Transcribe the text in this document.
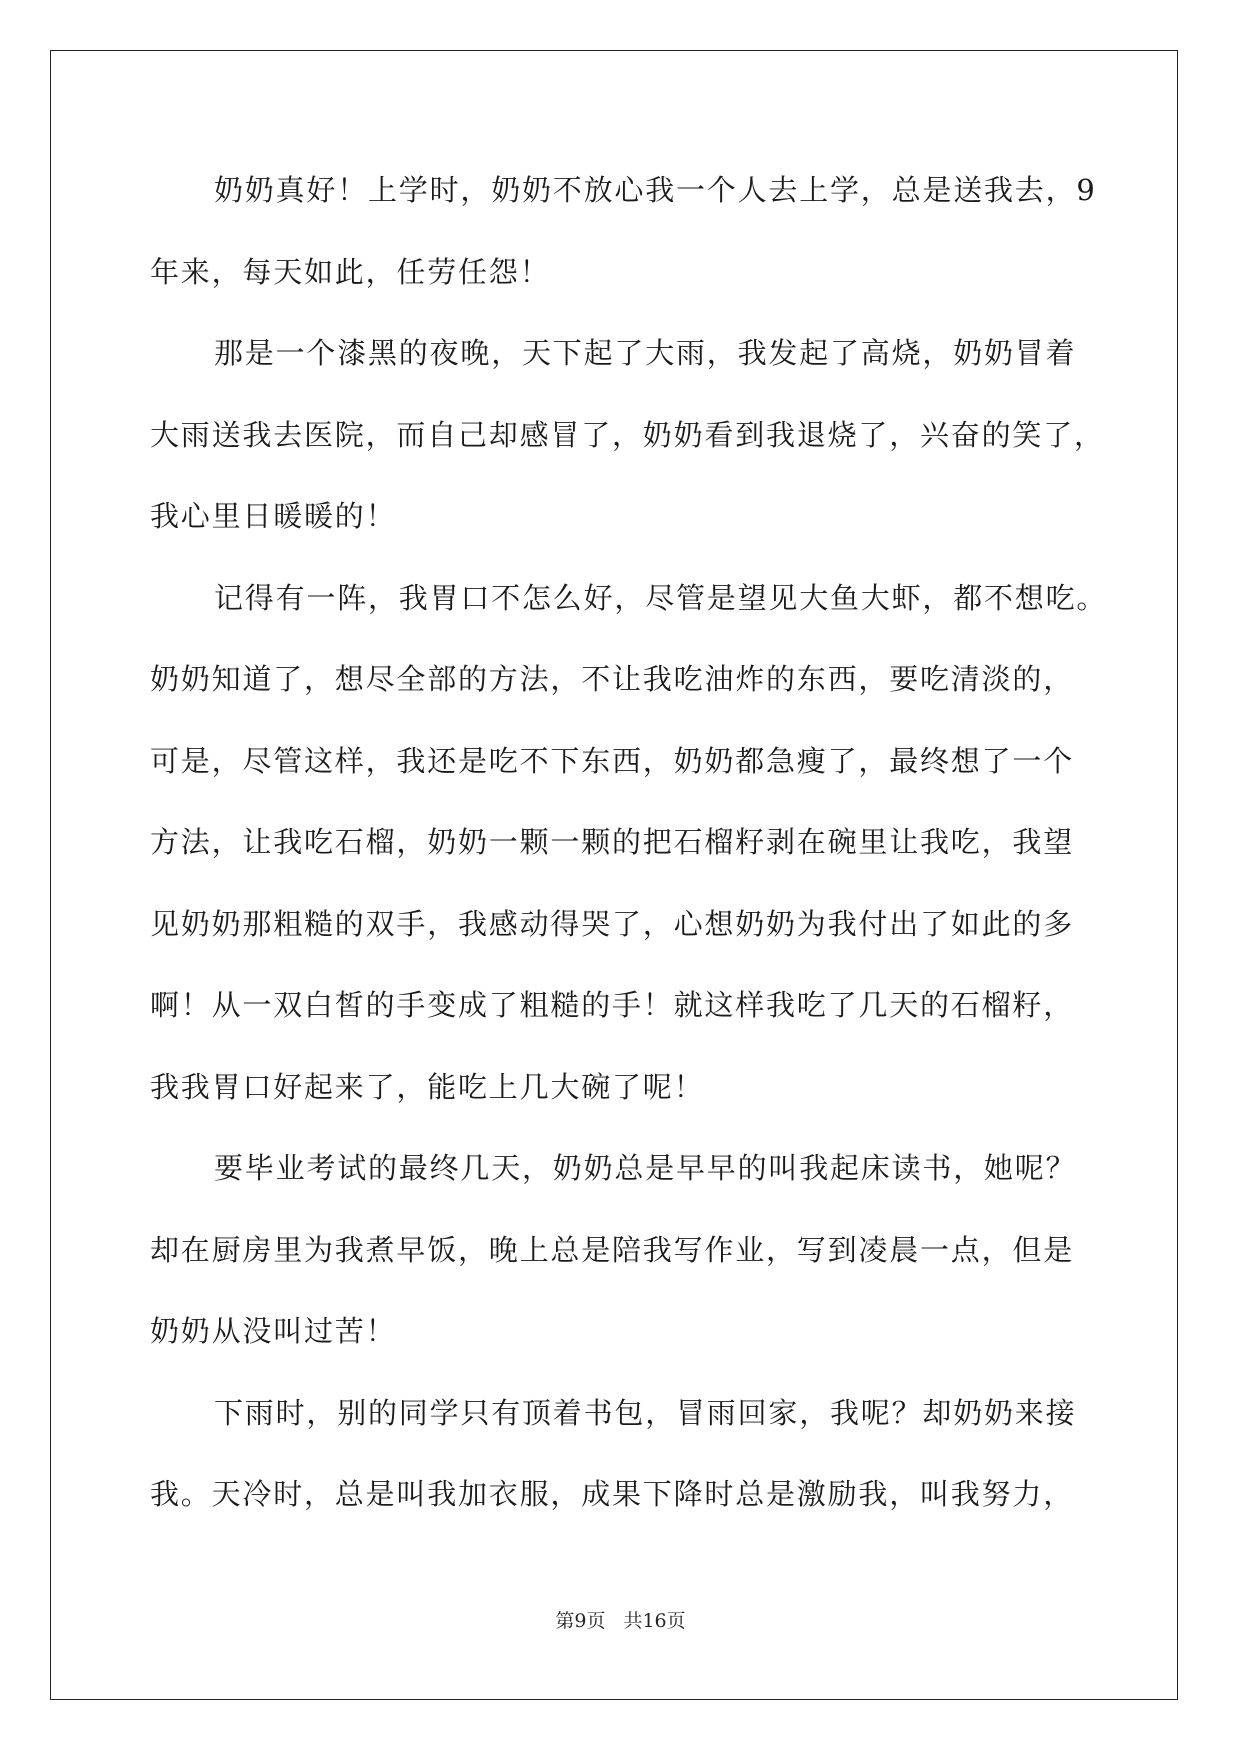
奶奶真好！上学时，奶奶不放心我一个人去上学，总是送我去，9
年来，每天如此，任劳任怨！
那是一个漆黑的夜晚，天下起了大雨，我发起了高烧，奶奶冒着
大雨送我去医院，而自己却感冒了，奶奶看到我退烧了，兴奋的笑了，
我心里日暖暖的！
记得有一阵，我胃口不怎么好，尽管是望见大鱼大虾，都不想吃。
奶奶知道了，想尽全部的方法，不让我吃油炸的东西，要吃清淡的，
可是，尽管这样，我还是吃不下东西，奶奶都急瘦了，最终想了一个
方法，让我吃石榴，奶奶一颗一颗的把石榴籽剥在碗里让我吃，我望
见奶奶那粗糙的双手，我感动得哭了，心想奶奶为我付出了如此的多
啊！从一双白皙的手变成了粗糙的手！就这样我吃了几天的石榴籽，
我我胃口好起来了，能吃上几大碗了呢！
要毕业考试的最终几天，奶奶总是早早的叫我起床读书，她呢？
却在厨房里为我煮早饭，晚上总是陪我写作业，写到凌晨一点，但是
奶奶从没叫过苦！
下雨时，别的同学只有顶着书包，冒雨回家，我呢？却奶奶来接
我。天冷时，总是叫我加衣服，成果下降时总是激励我，叫我努力，
第9页 共16页
